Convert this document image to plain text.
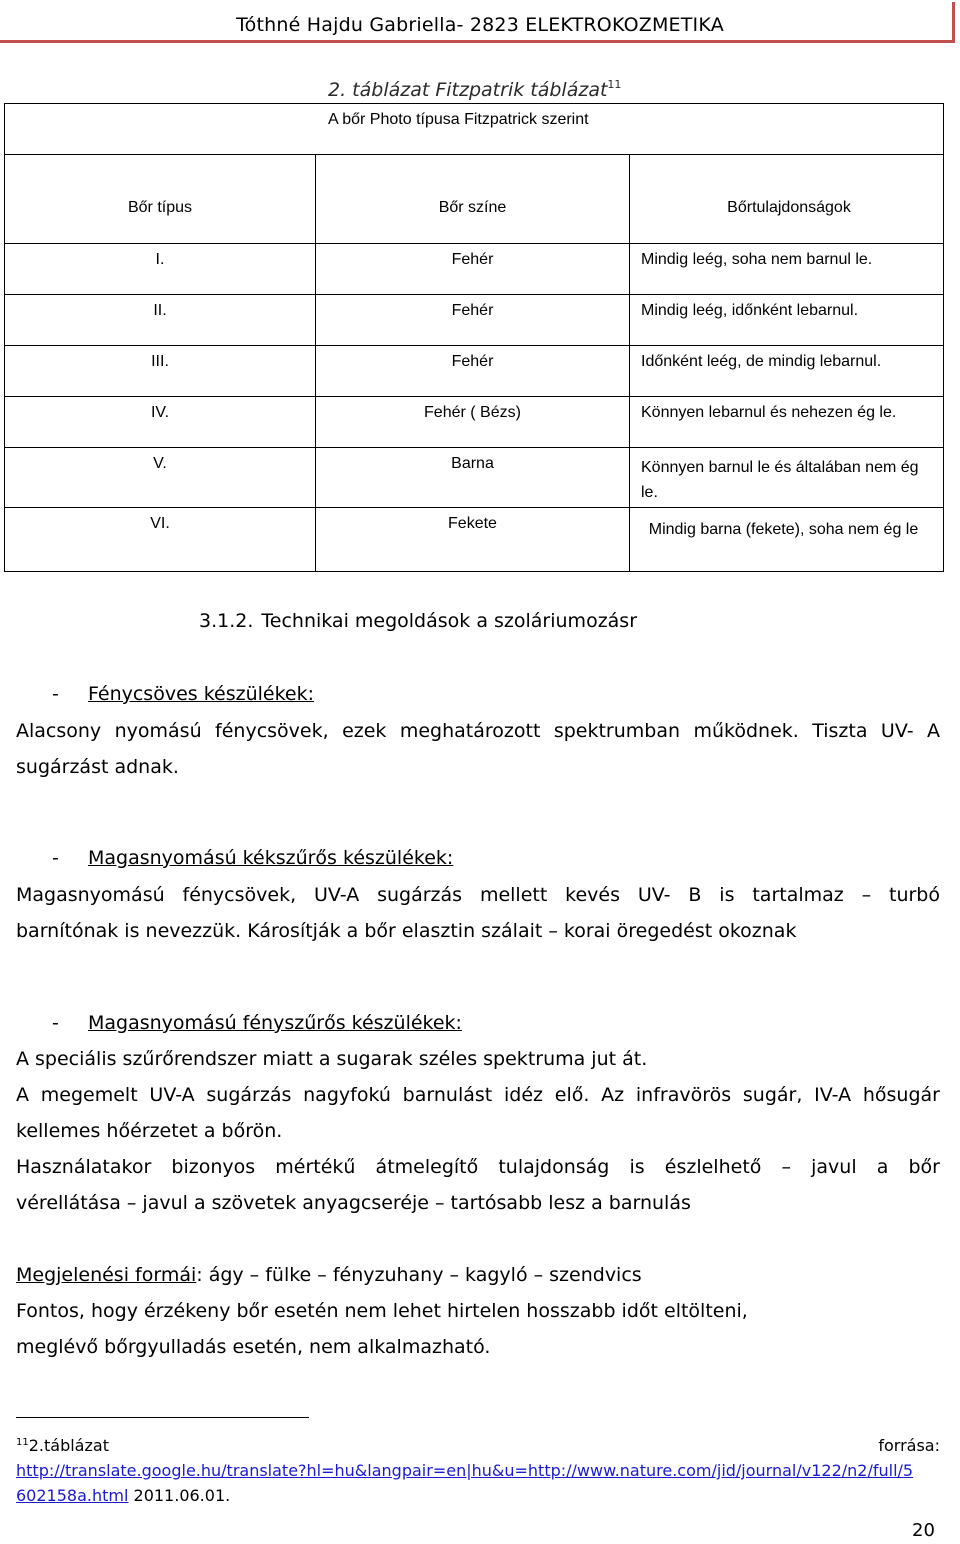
Tóthné Hajdu Gabriella- 2823 ELEKTROKOZMETIKA
2. táblázat Fitzpatrik táblázat$^{11}$
A bőr Photo típusa Fitzpatrick szerint		
Bőr típus	Bőr színe	Bőrtulajdonságok
I.	Fehér	Mindig leég, soha nem barnul le.
II.	Fehér	Mindig leég, időnként lebarnul.
III.	Fehér	Időnként leég, de mindig lebarnul.
IV.	Fehér ( Bézs)	Könnyen lebarnul és nehezen ég le.
V.	Barna	Könnyen barnul le és általában nem ég le.
VI.	Fekete	Mindig barna (fekete), soha nem ég le
3.1.2. Technikai megoldások a szoláriumozásr
- Fénycsöves készülékek:
Alacsony nyomású fénycsövek, ezek meghatározott spektrumban működnek. Tiszta UV- A
sugárzást adnak.
- Magasnyomású kékszűrős készülékek:
Magasnyomású fénycsövek, UV-A sugárzás mellett kevés UV- B is tartalmaz – turbó
barnítónak is nevezzük. Károsítják a bőr elasztin szálait – korai öregedést okoznak
- Magasnyomású fényszűrős készülékek:
A speciális szűrőrendszer miatt a sugarak széles spektruma jut át.
A megemelt UV-A sugárzás nagyfokú barnulást idéz elő. Az infravörös sugár, IV-A hősugár
kellemes hőérzetet a bőrön.
Használatakor bizonyos mértékű átmelegítő tulajdonság is észlelhető – javul a bőr
vérellátása – javul a szövetek anyagcseréje – tartósabb lesz a barnulás
Megjelenési formái: ágy – fülke – fényzuhany – kagyló – szendvics
Fontos, hogy érzékeny bőr esetén nem lehet hirtelen hosszabb időt eltölteni,
meglévő bőrgyulladás esetén, nem alkalmazható.
$^{11}$2.táblázat	forrása:
http://translate.google.hu/translate?hl=hu&langpair=en|hu&u=http://www.nature.com/jid/journal/v122/n2/full/5
602158a.html 2011.06.01.
20
